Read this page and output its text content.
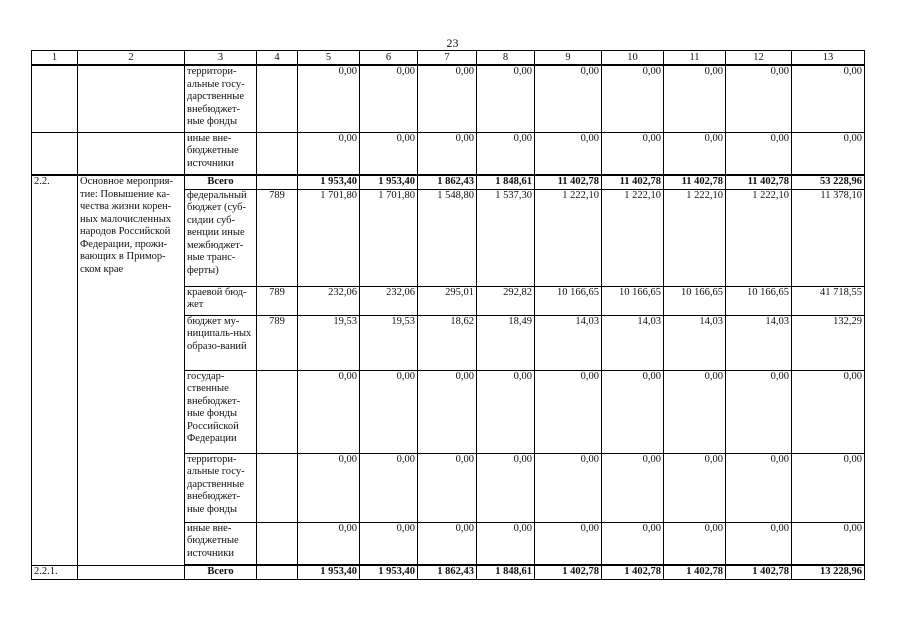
23
1	2	3	4	5	6	7	8	9	10	11	12	13
		территори-альные госу-дарственные внебюджет-ные фонды		0,00	0,00	0,00	0,00	0,00	0,00	0,00	0,00	0,00
		иные вне-бюджетные источники		0,00	0,00	0,00	0,00	0,00	0,00	0,00	0,00	0,00
2.2.	Основное мероприя-тие: Повышение ка-чества жизни корен-ных малочисленных народов Российской Федерации, прожи-вающих в Примор-ском крае	Всего		1 953,40	1 953,40	1 862,43	1 848,61	11 402,78	11 402,78	11 402,78	11 402,78	53 228,96
		федеральный бюджет (суб-сидии суб-венции иные межбюджет-ные транс-ферты)	789	1 701,80	1 701,80	1 548,80	1 537,30	1 222,10	1 222,10	1 222,10	1 222,10	11 378,10
		краевой бюд-жет	789	232,06	232,06	295,01	292,82	10 166,65	10 166,65	10 166,65	10 166,65	41 718,55
		бюджет му-ниципаль-ных образо-ваний	789	19,53	19,53	18,62	18,49	14,03	14,03	14,03	14,03	132,29
		государ-ственные внебюджет-ные фонды Российской Федерации		0,00	0,00	0,00	0,00	0,00	0,00	0,00	0,00	0,00
		территори-альные госу-дарственные внебюджет-ные фонды		0,00	0,00	0,00	0,00	0,00	0,00	0,00	0,00	0,00
		иные вне-бюджетные источники		0,00	0,00	0,00	0,00	0,00	0,00	0,00	0,00	0,00
2.2.1.		Всего		1 953,40	1 953,40	1 862,43	1 848,61	1 402,78	1 402,78	1 402,78	1 402,78	13 228,96
